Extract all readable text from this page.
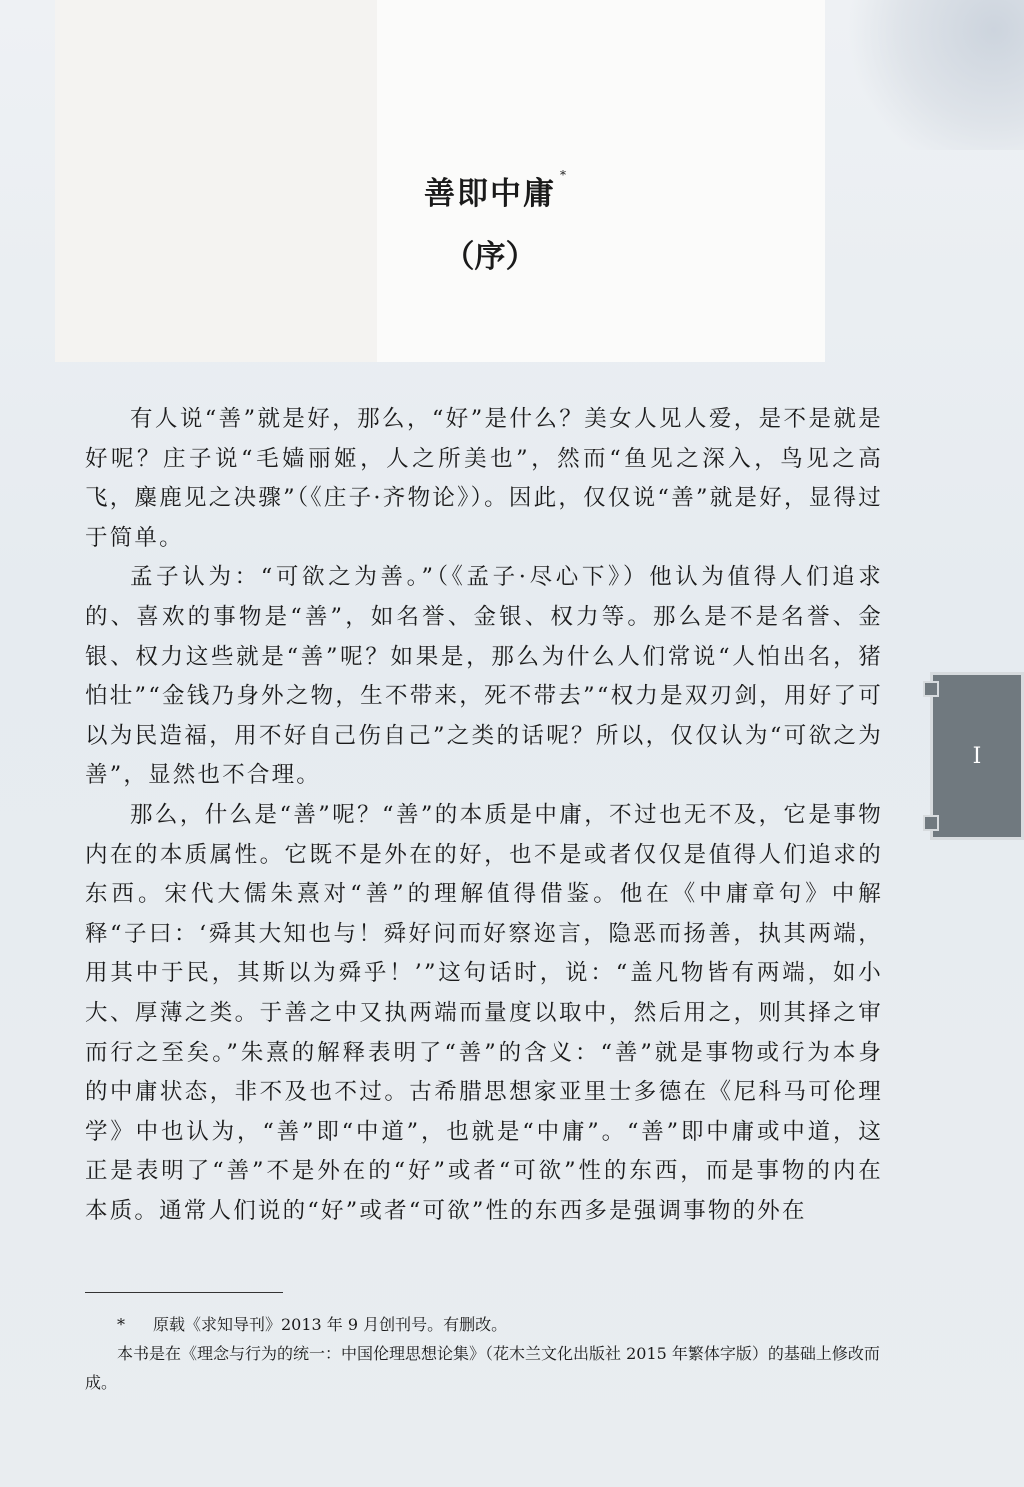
善即中庸
*
（序）

有人说“善”就是好，那么，“好”是什么？美女人见人爱，是不是就是好呢？庄子说“毛嫱丽姬，人之所美也”，然而“鱼见之深入，鸟见之高飞，麋鹿见之决骤”（《庄子·齐物论》）。因此，仅仅说“善”就是好，显得过于简单。

孟子认为：“可欲之为善。”（《孟子·尽心下》）他认为值得人们追求的、喜欢的事物是“善”，如名誉、金银、权力等。那么是不是名誉、金银、权力这些就是“善”呢？如果是，那么为什么人们常说“人怕出名，猪怕壮”“金钱乃身外之物，生不带来，死不带去”“权力是双刃剑，用好了可以为民造福，用不好自己伤自己”之类的话呢？所以，仅仅认为“可欲之为善”，显然也不合理。

那么，什么是“善”呢？“善”的本质是中庸，不过也无不及，它是事物内在的本质属性。它既不是外在的好，也不是或者仅仅是值得人们追求的东西。宋代大儒朱熹对“善”的理解值得借鉴。他在《中庸章句》中解释“子曰：‘舜其大知也与！舜好问而好察迩言，隐恶而扬善，执其两端，用其中于民，其斯以为舜乎！’”这句话时，说：“盖凡物皆有两端，如小大、厚薄之类。于善之中又执两端而量度以取中，然后用之，则其择之审而行之至矣。”朱熹的解释表明了“善”的含义：“善”就是事物或行为本身的中庸状态，非不及也不过。古希腊思想家亚里士多德在《尼科马可伦理学》中也认为，“善”即“中道”，也就是“中庸”。“善”即中庸或中道，这正是表明了“善”不是外在的“好”或者“可欲”性的东西，而是事物的内在本质。通常人们说的“好”或者“可欲”性的东西多是强调事物的外在

* 原载《求知导刊》2013 年 9 月创刊号。有删改。

本书是在《理念与行为的统一：中国伦理思想论集》（花木兰文化出版社 2015 年繁体字版）的基础上修改而成。

I
